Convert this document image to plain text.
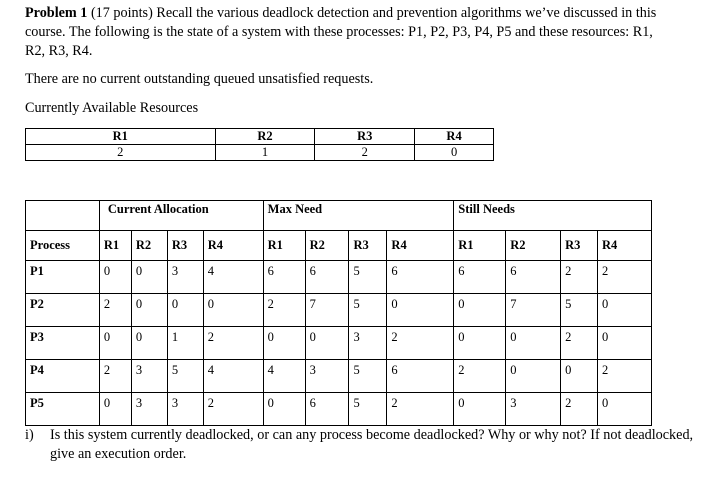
Problem 1 (17 points) Recall the various deadlock detection and prevention algorithms we’ve discussed in this course. The following is the state of a system with these processes: P1, P2, P3, P4, P5 and these resources: R1, R2, R3, R4.

There are no current outstanding queued unsatisfied requests.

Currently Available Resources

R1	R2	R3	R4
2	1	2	0
	Current Allocation				Max Need				Still Needs			
Process	R1	R2	R3	R4	R1	R2	R3	R4	R1	R2	R3	R4
P1	0	0	3	4	6	6	5	6	6	6	2	2
P2	2	0	0	0	2	7	5	0	0	7	5	0
P3	0	0	1	2	0	0	3	2	0	0	2	0
P4	2	3	5	4	4	3	5	6	2	0	0	2
P5	0	3	3	2	0	6	5	2	0	3	2	0
i)	Is this system currently deadlocked, or can any process become deadlocked? Why or why not? If not deadlocked, give an execution order.
